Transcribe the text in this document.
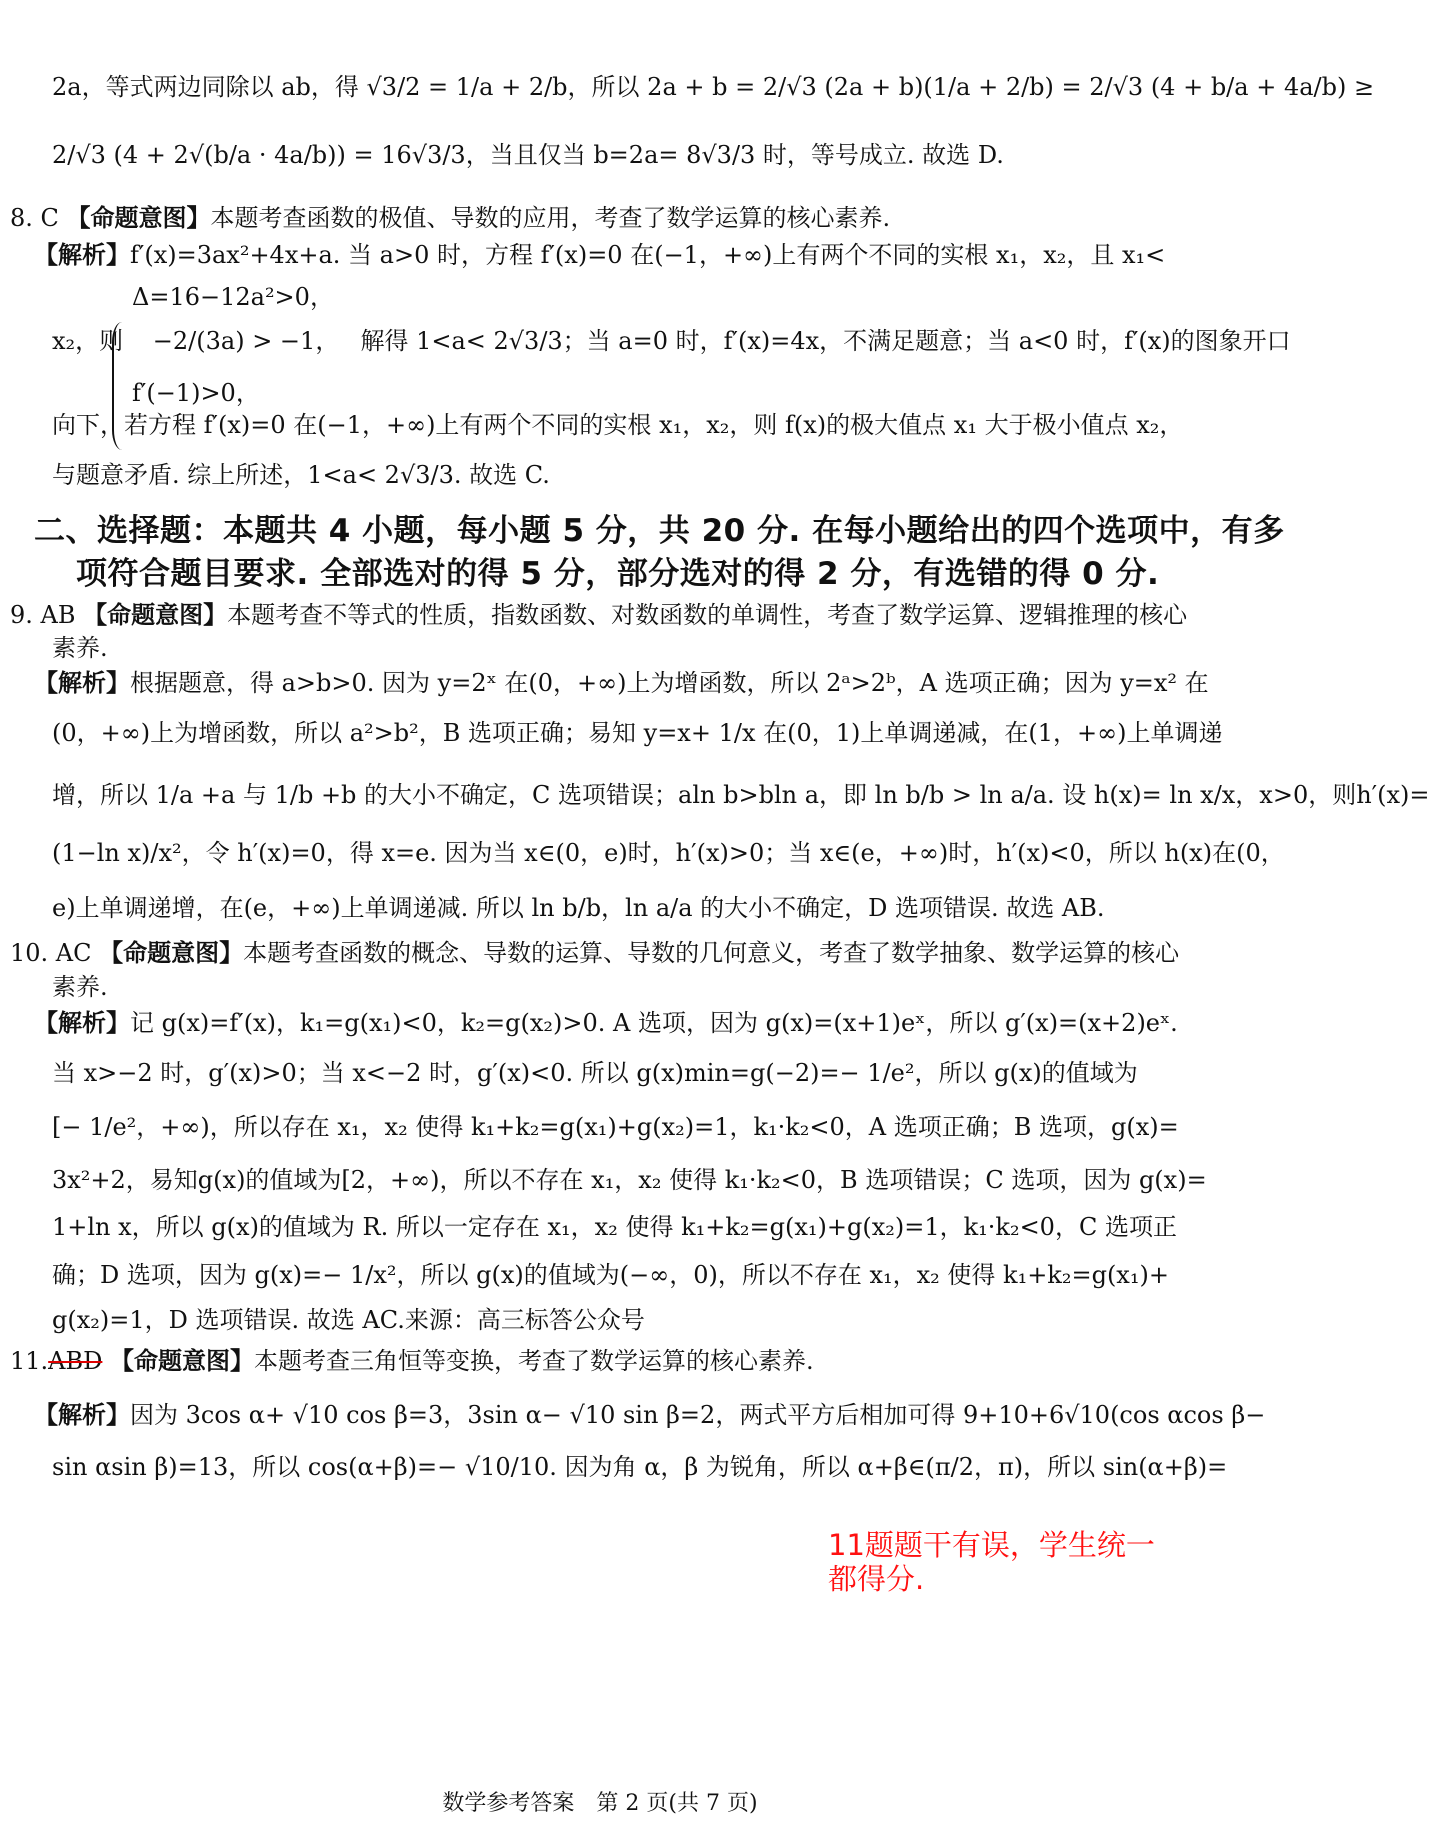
2a，等式两边同除以 ab，得 √3/2 = 1/a + 2/b，所以 2a + b = 2/√3 (2a + b)(1/a + 2/b) = 2/√3 (4 + b/a + 4a/b) ≥
2/√3 (4 + 2√(b/a · 4a/b)) = 16√3/3，当且仅当 b=2a= 8√3/3 时，等号成立. 故选 D.
8. C 【命题意图】本题考查函数的极值、导数的应用，考查了数学运算的核心素养.
【解析】f′(x)=3ax²+4x+a. 当 a>0 时，方程 f′(x)=0 在(−1，+∞)上有两个不同的实根 x₁，x₂，且 x₁<
Δ=16−12a²>0，
x₂，则 −2/(3a) > −1， 解得 1<a< 2√3/3；当 a=0 时，f′(x)=4x，不满足题意；当 a<0 时，f′(x)的图象开口
f′(−1)>0，
向下，若方程 f′(x)=0 在(−1，+∞)上有两个不同的实根 x₁，x₂，则 f(x)的极大值点 x₁ 大于极小值点 x₂，
与题意矛盾. 综上所述，1<a< 2√3/3. 故选 C.
二、选择题：本题共 4 小题，每小题 5 分，共 20 分. 在每小题给出的四个选项中，有多
项符合题目要求. 全部选对的得 5 分，部分选对的得 2 分，有选错的得 0 分.
9. AB 【命题意图】本题考查不等式的性质，指数函数、对数函数的单调性，考查了数学运算、逻辑推理的核心
素养.
【解析】根据题意，得 a>b>0. 因为 y=2ˣ 在(0，+∞)上为增函数，所以 2ᵃ>2ᵇ，A 选项正确；因为 y=x² 在
(0，+∞)上为增函数，所以 a²>b²，B 选项正确；易知 y=x+ 1/x 在(0，1)上单调递减，在(1，+∞)上单调递
增，所以 1/a +a 与 1/b +b 的大小不确定，C 选项错误；aln b>bln a，即 ln b/b > ln a/a. 设 h(x)= ln x/x，x>0，则h′(x)=
(1−ln x)/x²，令 h′(x)=0，得 x=e. 因为当 x∈(0，e)时，h′(x)>0；当 x∈(e，+∞)时，h′(x)<0，所以 h(x)在(0，
e)上单调递增，在(e，+∞)上单调递减. 所以 ln b/b，ln a/a 的大小不确定，D 选项错误. 故选 AB.
10. AC 【命题意图】本题考查函数的概念、导数的运算、导数的几何意义，考查了数学抽象、数学运算的核心
素养.
【解析】记 g(x)=f′(x)，k₁=g(x₁)<0，k₂=g(x₂)>0. A 选项，因为 g(x)=(x+1)eˣ，所以 g′(x)=(x+2)eˣ.
当 x>−2 时，g′(x)>0；当 x<−2 时，g′(x)<0. 所以 g(x)min=g(−2)=− 1/e²，所以 g(x)的值域为
[− 1/e²，+∞)，所以存在 x₁，x₂ 使得 k₁+k₂=g(x₁)+g(x₂)=1，k₁·k₂<0，A 选项正确；B 选项，g(x)=
3x²+2，易知g(x)的值域为[2，+∞)，所以不存在 x₁，x₂ 使得 k₁·k₂<0，B 选项错误；C 选项，因为 g(x)=
1+ln x，所以 g(x)的值域为 R. 所以一定存在 x₁，x₂ 使得 k₁+k₂=g(x₁)+g(x₂)=1，k₁·k₂<0，C 选项正
确；D 选项，因为 g(x)=− 1/x²，所以 g(x)的值域为(−∞，0)，所以不存在 x₁，x₂ 使得 k₁+k₂=g(x₁)+
g(x₂)=1，D 选项错误. 故选 AC.来源：高三标答公众号
11题题干有误，学生统一
都得分.
11.ABD 【命题意图】本题考查三角恒等变换，考查了数学运算的核心素养.
【解析】因为 3cos α+ √10 cos β=3，3sin α− √10 sin β=2，两式平方后相加可得 9+10+6√10(cos αcos β−
sin αsin β)=13，所以 cos(α+β)=− √10/10. 因为角 α，β 为锐角，所以 α+β∈(π/2，π)，所以 sin(α+β)=
数学参考答案　第 2 页(共 7 页)
